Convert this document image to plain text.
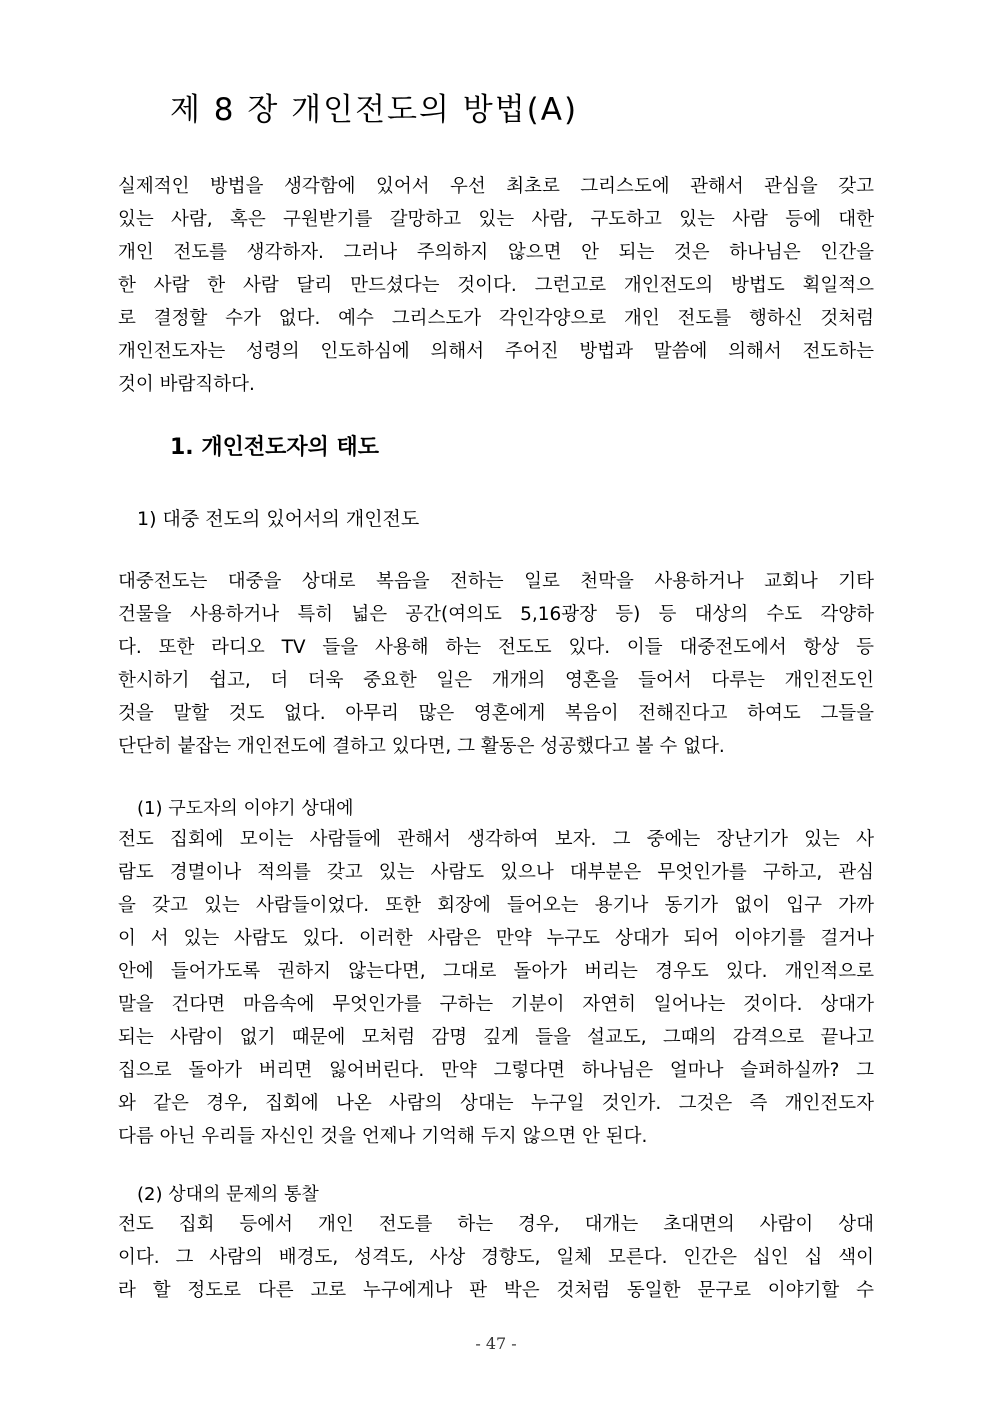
제 8 장 개인전도의 방법(A)
실제적인 방법을 생각함에 있어서 우선 최초로 그리스도에 관해서 관심을 갖고
있는 사람, 혹은 구원받기를 갈망하고 있는 사람, 구도하고 있는 사람 등에 대한
개인 전도를 생각하자. 그러나 주의하지 않으면 안 되는 것은 하나님은 인간을
한 사람 한 사람 달리 만드셨다는 것이다. 그런고로 개인전도의 방법도 획일적으
로 결정할 수가 없다. 예수 그리스도가 각인각양으로 개인 전도를 행하신 것처럼
개인전도자는 성령의 인도하심에 의해서 주어진 방법과 말씀에 의해서 전도하는
것이 바람직하다.
1. 개인전도자의 태도
1) 대중 전도의 있어서의 개인전도
대중전도는 대중을 상대로 복음을 전하는 일로 천막을 사용하거나 교회나 기타
건물을 사용하거나 특히 넓은 공간(여의도 5,16광장 등) 등 대상의 수도 각양하
다. 또한 라디오 TV 들을 사용해 하는 전도도 있다. 이들 대중전도에서 항상 등
한시하기 쉽고, 더 더욱 중요한 일은 개개의 영혼을 들어서 다루는 개인전도인
것을 말할 것도 없다. 아무리 많은 영혼에게 복음이 전해진다고 하여도 그들을
단단히 붙잡는 개인전도에 결하고 있다면, 그 활동은 성공했다고 볼 수 없다.
(1) 구도자의 이야기 상대에
전도 집회에 모이는 사람들에 관해서 생각하여 보자. 그 중에는 장난기가 있는 사
람도 경멸이나 적의를 갖고 있는 사람도 있으나 대부분은 무엇인가를 구하고, 관심
을 갖고 있는 사람들이었다. 또한 회장에 들어오는 용기나 동기가 없이 입구 가까
이 서 있는 사람도 있다. 이러한 사람은 만약 누구도 상대가 되어 이야기를 걸거나
안에 들어가도록 권하지 않는다면, 그대로 돌아가 버리는 경우도 있다. 개인적으로
말을 건다면 마음속에 무엇인가를 구하는 기분이 자연히 일어나는 것이다. 상대가
되는 사람이 없기 때문에 모처럼 감명 깊게 들을 설교도, 그때의 감격으로 끝나고
집으로 돌아가 버리면 잃어버린다. 만약 그렇다면 하나님은 얼마나 슬퍼하실까? 그
와 같은 경우, 집회에 나온 사람의 상대는 누구일 것인가. 그것은 즉 개인전도자
다름 아닌 우리들 자신인 것을 언제나 기억해 두지 않으면 안 된다.
(2) 상대의 문제의 통찰
전도 집회 등에서 개인 전도를 하는 경우, 대개는 초대면의 사람이 상대
이다. 그 사람의 배경도, 성격도, 사상 경향도, 일체 모른다. 인간은 십인 십 색이
라 할 정도로 다른 고로 누구에게나 판 박은 것처럼 동일한 문구로 이야기할 수
- 47 -
